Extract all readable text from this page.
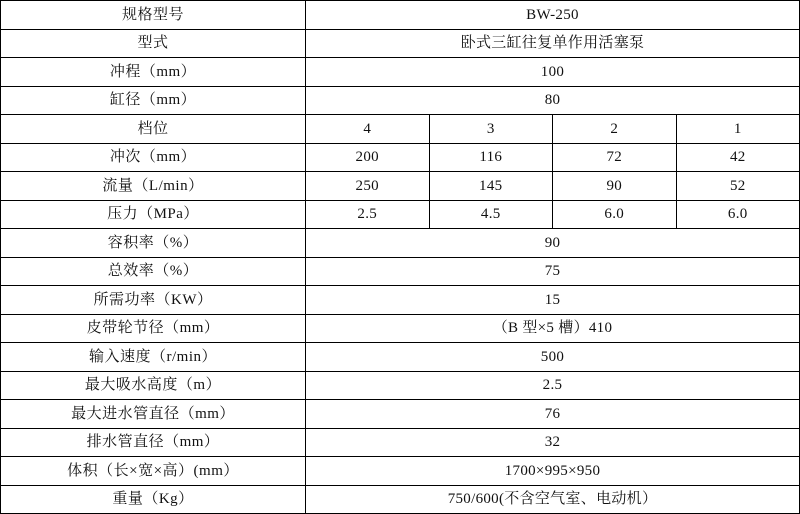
规格型号	BW-250			
型式	卧式三缸往复单作用活塞泵			
冲程（mm）	100			
缸径（mm）	80			
档位	4	3	2	1
冲次（mm）	200	116	72	42
流量（L/min）	250	145	90	52
压力（MPa）	2.5	4.5	6.0	6.0
容积率（%）	90			
总效率（%）	75			
所需功率（KW）	15			
皮带轮节径（mm）	（B 型×5 槽）410			
输入速度（r/min）	500			
最大吸水高度（m）	2.5			
最大进水管直径（mm）	76			
排水管直径（mm）	32			
体积（长×宽×高）(mm）	1700×995×950			
重量（Kg）	750/600(不含空气室、电动机）			
